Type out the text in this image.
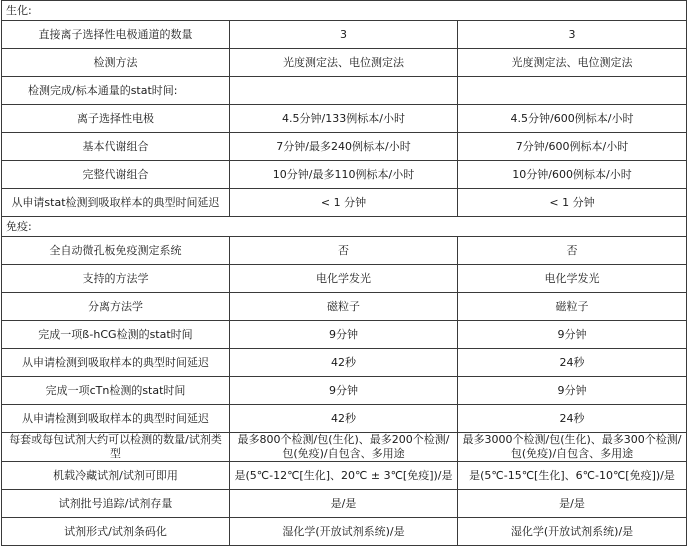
生化:		
直接离子选择性电极通道的数量	3	3
检测方法	光度测定法、电位测定法	光度测定法、电位测定法
检测完成/标本通量的stat时间:		
离子选择性电极	4.5分钟/133例标本/小时	4.5分钟/600例标本/小时
基本代谢组合	7分钟/最多240例标本/小时	7分钟/600例标本/小时
完整代谢组合	10分钟/最多110例标本/小时	10分钟/600例标本/小时
从申请stat检测到吸取样本的典型时间延迟	< 1 分钟	< 1 分钟
免疫:		
全自动微孔板免疫测定系统	否	否
支持的方法学	电化学发光	电化学发光
分离方法学	磁粒子	磁粒子
完成一项ß-hCG检测的stat时间	9分钟	9分钟
从申请检测到吸取样本的典型时间延迟	42秒	24秒
完成一项cTn检测的stat时间	9分钟	9分钟
从申请检测到吸取样本的典型时间延迟	42秒	24秒
每套或每包试剂大约可以检测的数量/试剂类型	最多800个检测/包(生化)、最多200个检测/包(免疫)/自包含、多用途	最多3000个检测/包(生化)、最多300个检测/包(免疫)/自包含、多用途
机载冷藏试剂/试剂可即用	是(5℃-12℃[生化]、20℃ ± 3℃[免疫])/是	是(5℃-15℃[生化]、6℃-10℃[免疫])/是
试剂批号追踪/试剂存量	是/是	是/是
试剂形式/试剂条码化	湿化学(开放试剂系统)/是	湿化学(开放试剂系统)/是
